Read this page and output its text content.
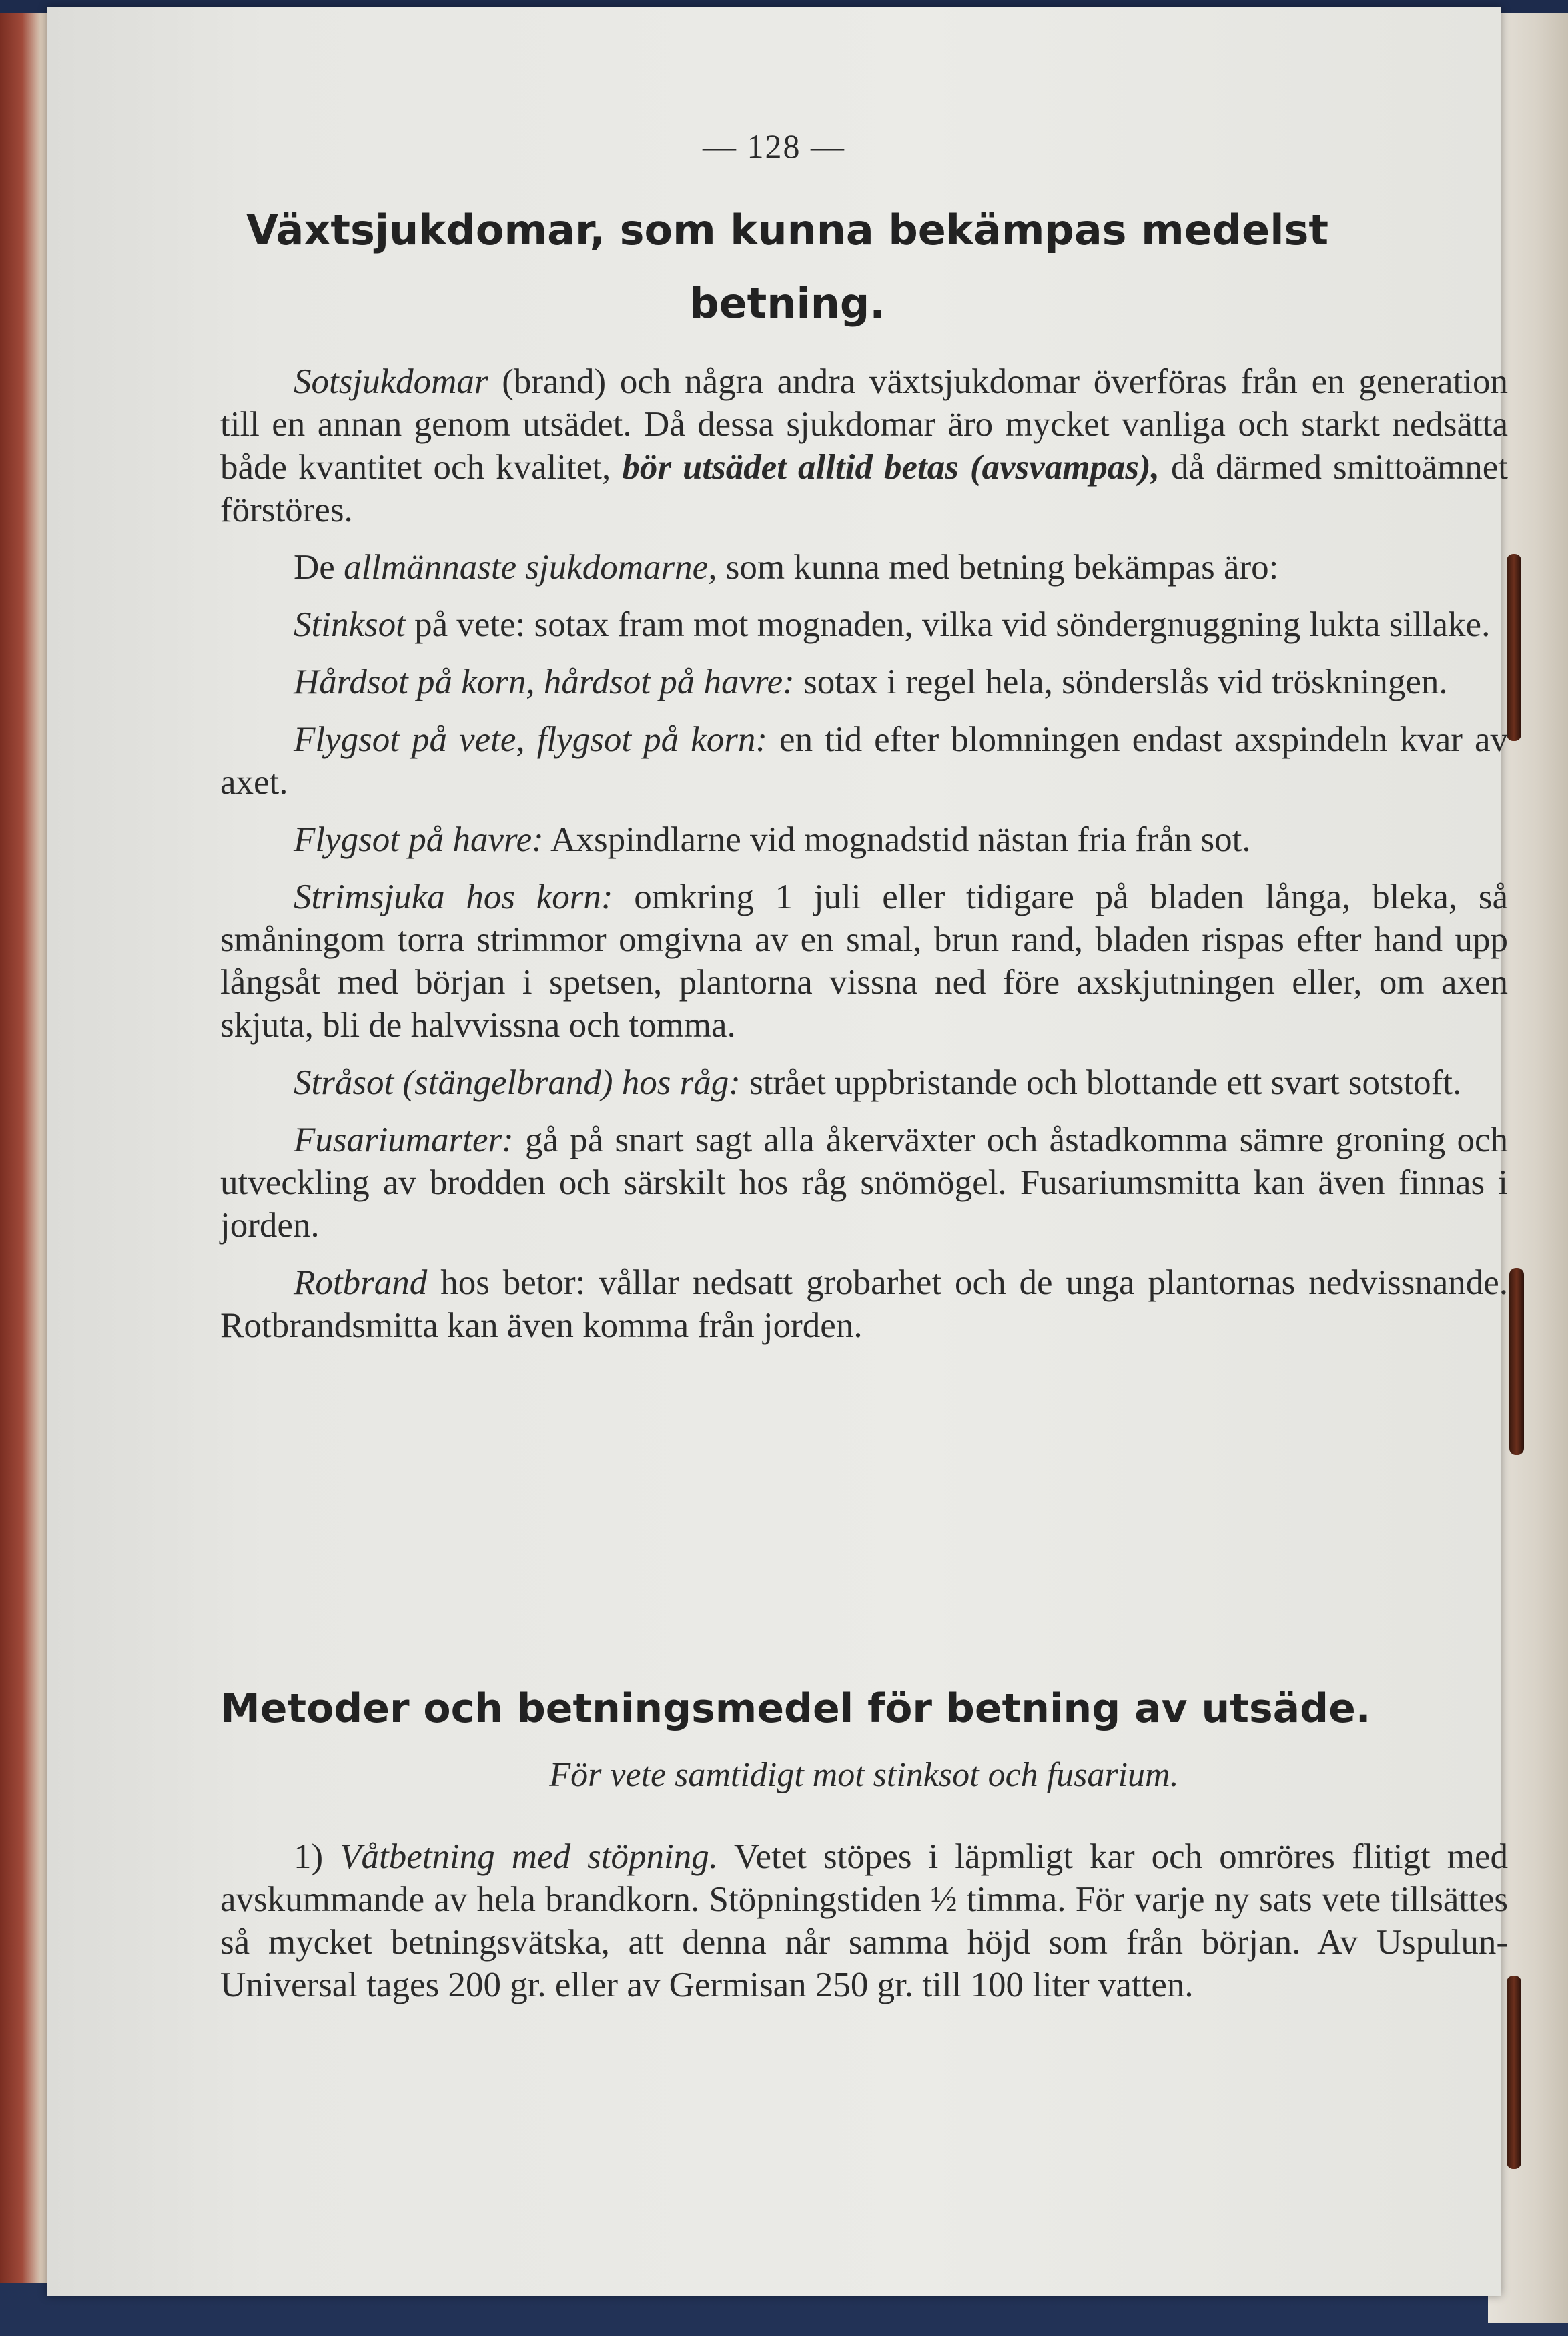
— 128 —
Växtsjukdomar, som kunna bekämpas medelst
betning.

Sotsjukdomar (brand) och några andra växtsjukdomar överföras från en generation till en annan genom utsädet. Då dessa sjukdomar äro mycket vanliga och starkt nedsätta både kvantitet och kvalitet, bör utsädet alltid betas (avsvampas), då därmed smittoämnet förstöres.

De allmännaste sjukdomarne, som kunna med betning bekämpas äro:

Stinksot på vete: sotax fram mot mognaden, vilka vid söndergnuggning lukta sillake.

Hårdsot på korn, hårdsot på havre: sotax i regel hela, sönderslås vid tröskningen.

Flygsot på vete, flygsot på korn: en tid efter blomningen endast axspindeln kvar av axet.

Flygsot på havre: Axspindlarne vid mognadstid nästan fria från sot.

Strimsjuka hos korn: omkring 1 juli eller tidigare på bladen långa, bleka, så småningom torra strimmor omgivna av en smal, brun rand, bladen rispas efter hand upp långsåt med början i spetsen, plantorna vissna ned före axskjutningen eller, om axen skjuta, bli de halvvissna och tomma.

Stråsot (stängelbrand) hos råg: strået uppbristande och blottande ett svart sotstoft.

Fusariumarter: gå på snart sagt alla åkerväxter och åstadkomma sämre groning och utveckling av brodden och särskilt hos råg snömögel. Fusariumsmitta kan även finnas i jorden.

Rotbrand hos betor: vållar nedsatt grobarhet och de unga plantornas nedvissnande. Rotbrandsmitta kan även komma från jorden.

Metoder och betningsmedel för betning av utsäde.
För vete samtidigt mot stinksot och fusarium.

1) Våtbetning med stöpning. Vetet stöpes i läpmligt kar och omröres flitigt med avskummande av hela brandkorn. Stöpningstiden ½ timma. För varje ny sats vete tillsättes så mycket betningsvätska, att denna når samma höjd som från början. Av Uspulun-Universal tages 200 gr. eller av Germisan 250 gr. till 100 liter vatten.
